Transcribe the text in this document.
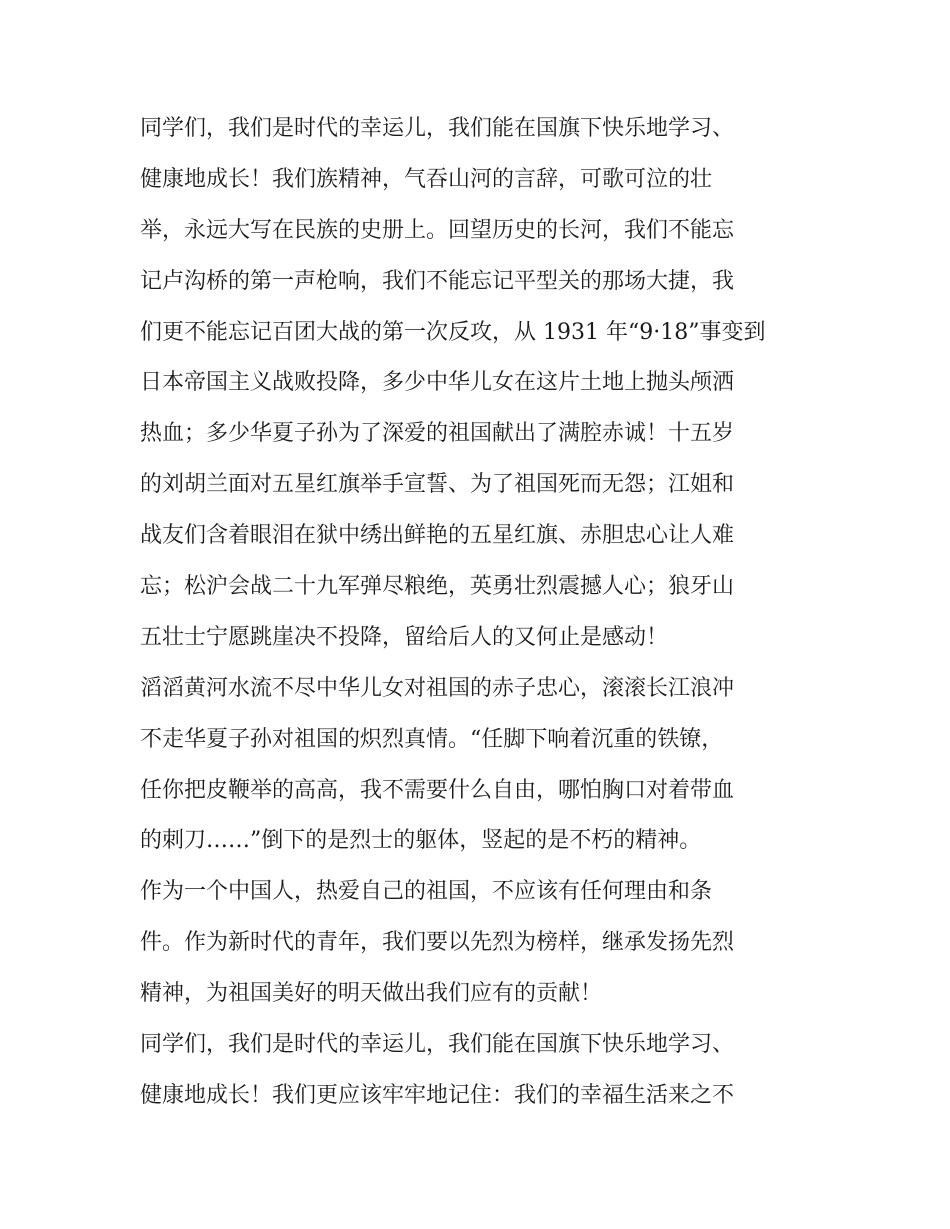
同学们，我们是时代的幸运儿，我们能在国旗下快乐地学习、
健康地成长！我们族精神，气吞山河的言辞，可歌可泣的壮
举，永远大写在民族的史册上。回望历史的长河，我们不能忘
记卢沟桥的第一声枪响，我们不能忘记平型关的那场大捷，我
们更不能忘记百团大战的第一次反攻，从 1931 年“9·18”事变到
日本帝国主义战败投降，多少中华儿女在这片土地上抛头颅洒
热血；多少华夏子孙为了深爱的祖国献出了满腔赤诚！十五岁
的刘胡兰面对五星红旗举手宣誓、为了祖国死而无怨；江姐和
战友们含着眼泪在狱中绣出鲜艳的五星红旗、赤胆忠心让人难
忘；松沪会战二十九军弹尽粮绝，英勇壮烈震撼人心；狼牙山
五壮士宁愿跳崖决不投降，留给后人的又何止是感动！
滔滔黄河水流不尽中华儿女对祖国的赤子忠心，滚滚长江浪冲
不走华夏子孙对祖国的炽烈真情。“任脚下响着沉重的铁镣，
任你把皮鞭举的高高，我不需要什么自由，哪怕胸口对着带血
的刺刀……”倒下的是烈士的躯体，竖起的是不朽的精神。
作为一个中国人，热爱自己的祖国，不应该有任何理由和条
件。作为新时代的青年，我们要以先烈为榜样，继承发扬先烈
精神，为祖国美好的明天做出我们应有的贡献！
同学们，我们是时代的幸运儿，我们能在国旗下快乐地学习、
健康地成长！我们更应该牢牢地记住：我们的幸福生活来之不
